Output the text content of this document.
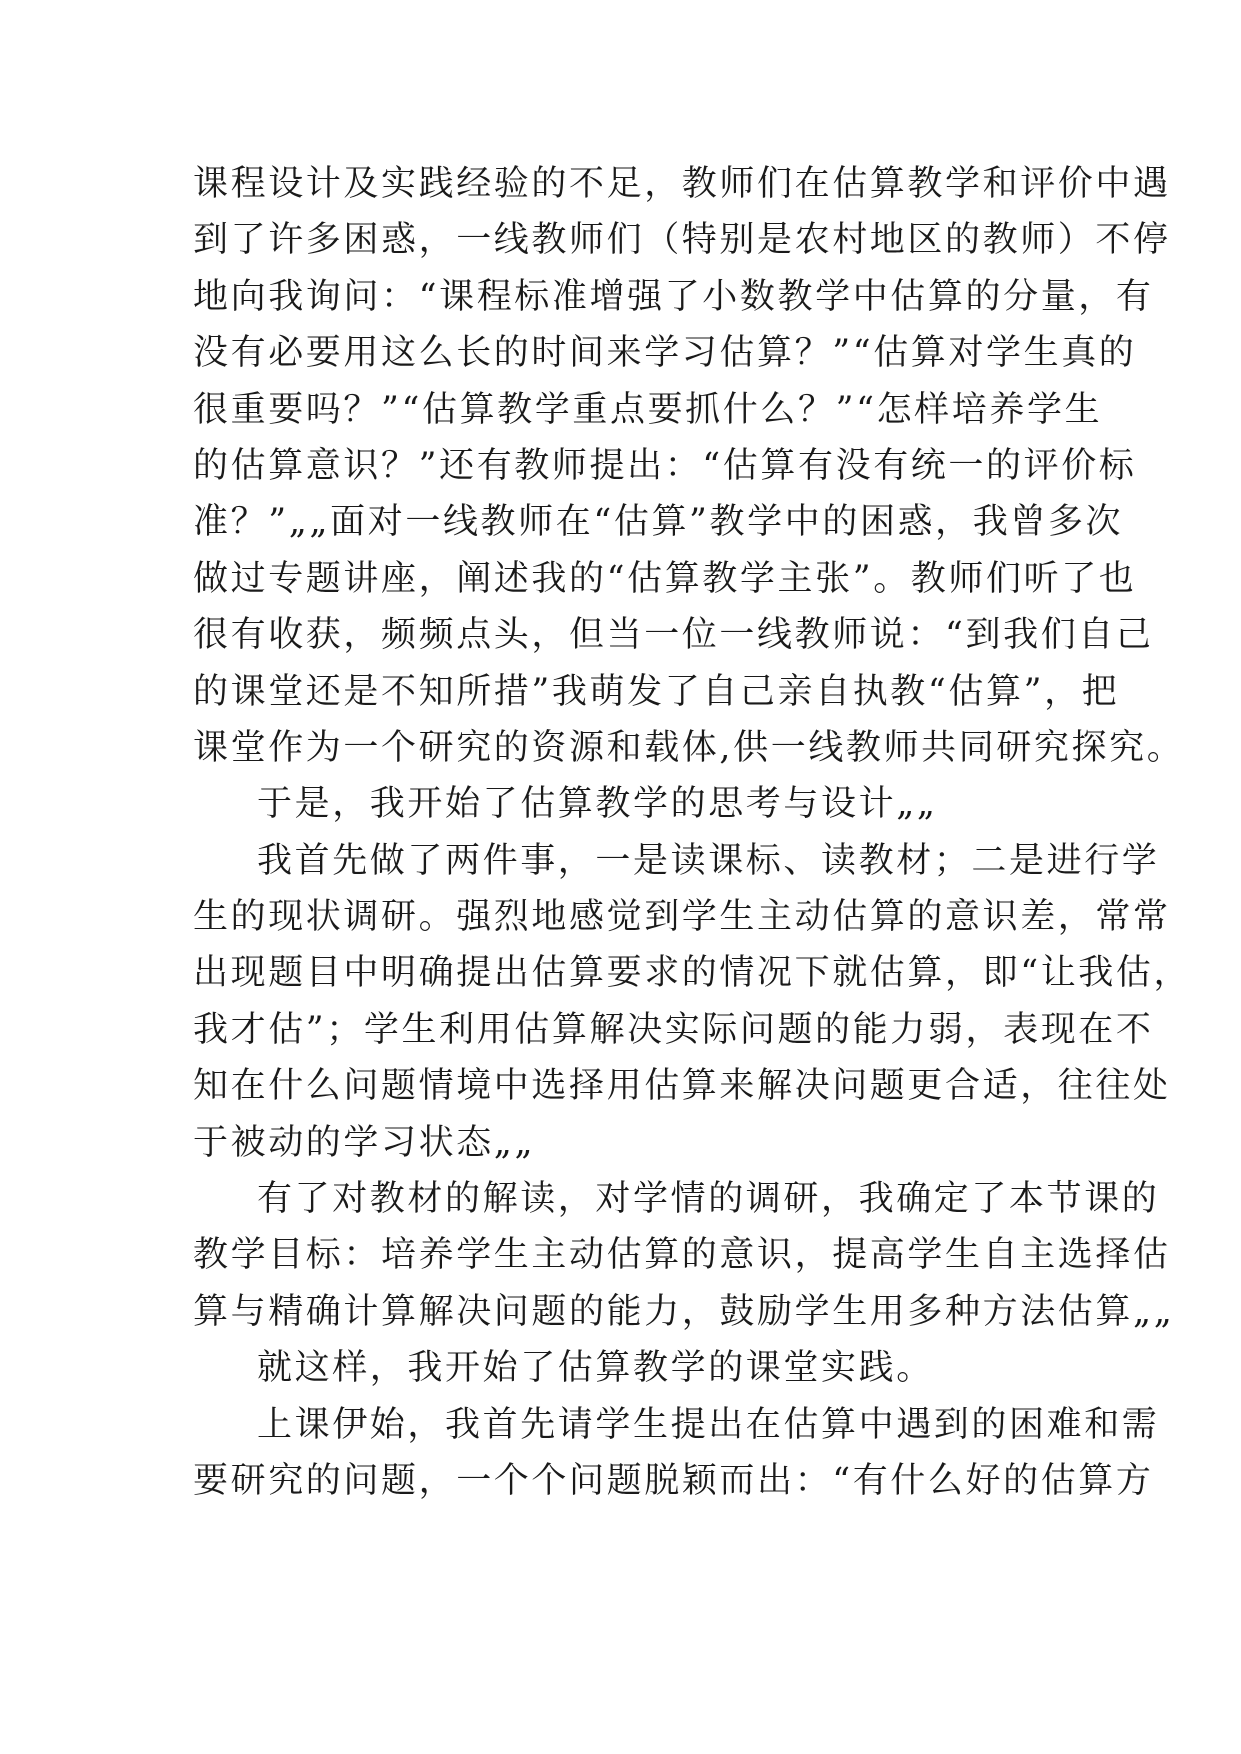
课程设计及实践经验的不足，教师们在估算教学和评价中遇
到了许多困惑，一线教师们（特别是农村地区的教师）不停
地向我询问：“课程标准增强了小数教学中估算的分量，有
没有必要用这么长的时间来学习估算？”“估算对学生真的
很重要吗？”“估算教学重点要抓什么？”“怎样培养学生
的估算意识？”还有教师提出：“估算有没有统一的评价标
准？”„„面对一线教师在“估算”教学中的困惑，我曾多次
做过专题讲座，阐述我的“估算教学主张”。教师们听了也
很有收获，频频点头，但当一位一线教师说：“到我们自己
的课堂还是不知所措”我萌发了自己亲自执教“估算”，把
课堂作为一个研究的资源和载体,供一线教师共同研究探究。
于是，我开始了估算教学的思考与设计„„
我首先做了两件事，一是读课标、读教材；二是进行学
生的现状调研。强烈地感觉到学生主动估算的意识差，常常
出现题目中明确提出估算要求的情况下就估算，即“让我估，
我才估”；学生利用估算解决实际问题的能力弱，表现在不
知在什么问题情境中选择用估算来解决问题更合适，往往处
于被动的学习状态„„
有了对教材的解读，对学情的调研，我确定了本节课的
教学目标：培养学生主动估算的意识，提高学生自主选择估
算与精确计算解决问题的能力，鼓励学生用多种方法估算„„
就这样，我开始了估算教学的课堂实践。
上课伊始，我首先请学生提出在估算中遇到的困难和需
要研究的问题，一个个问题脱颖而出：“有什么好的估算方
